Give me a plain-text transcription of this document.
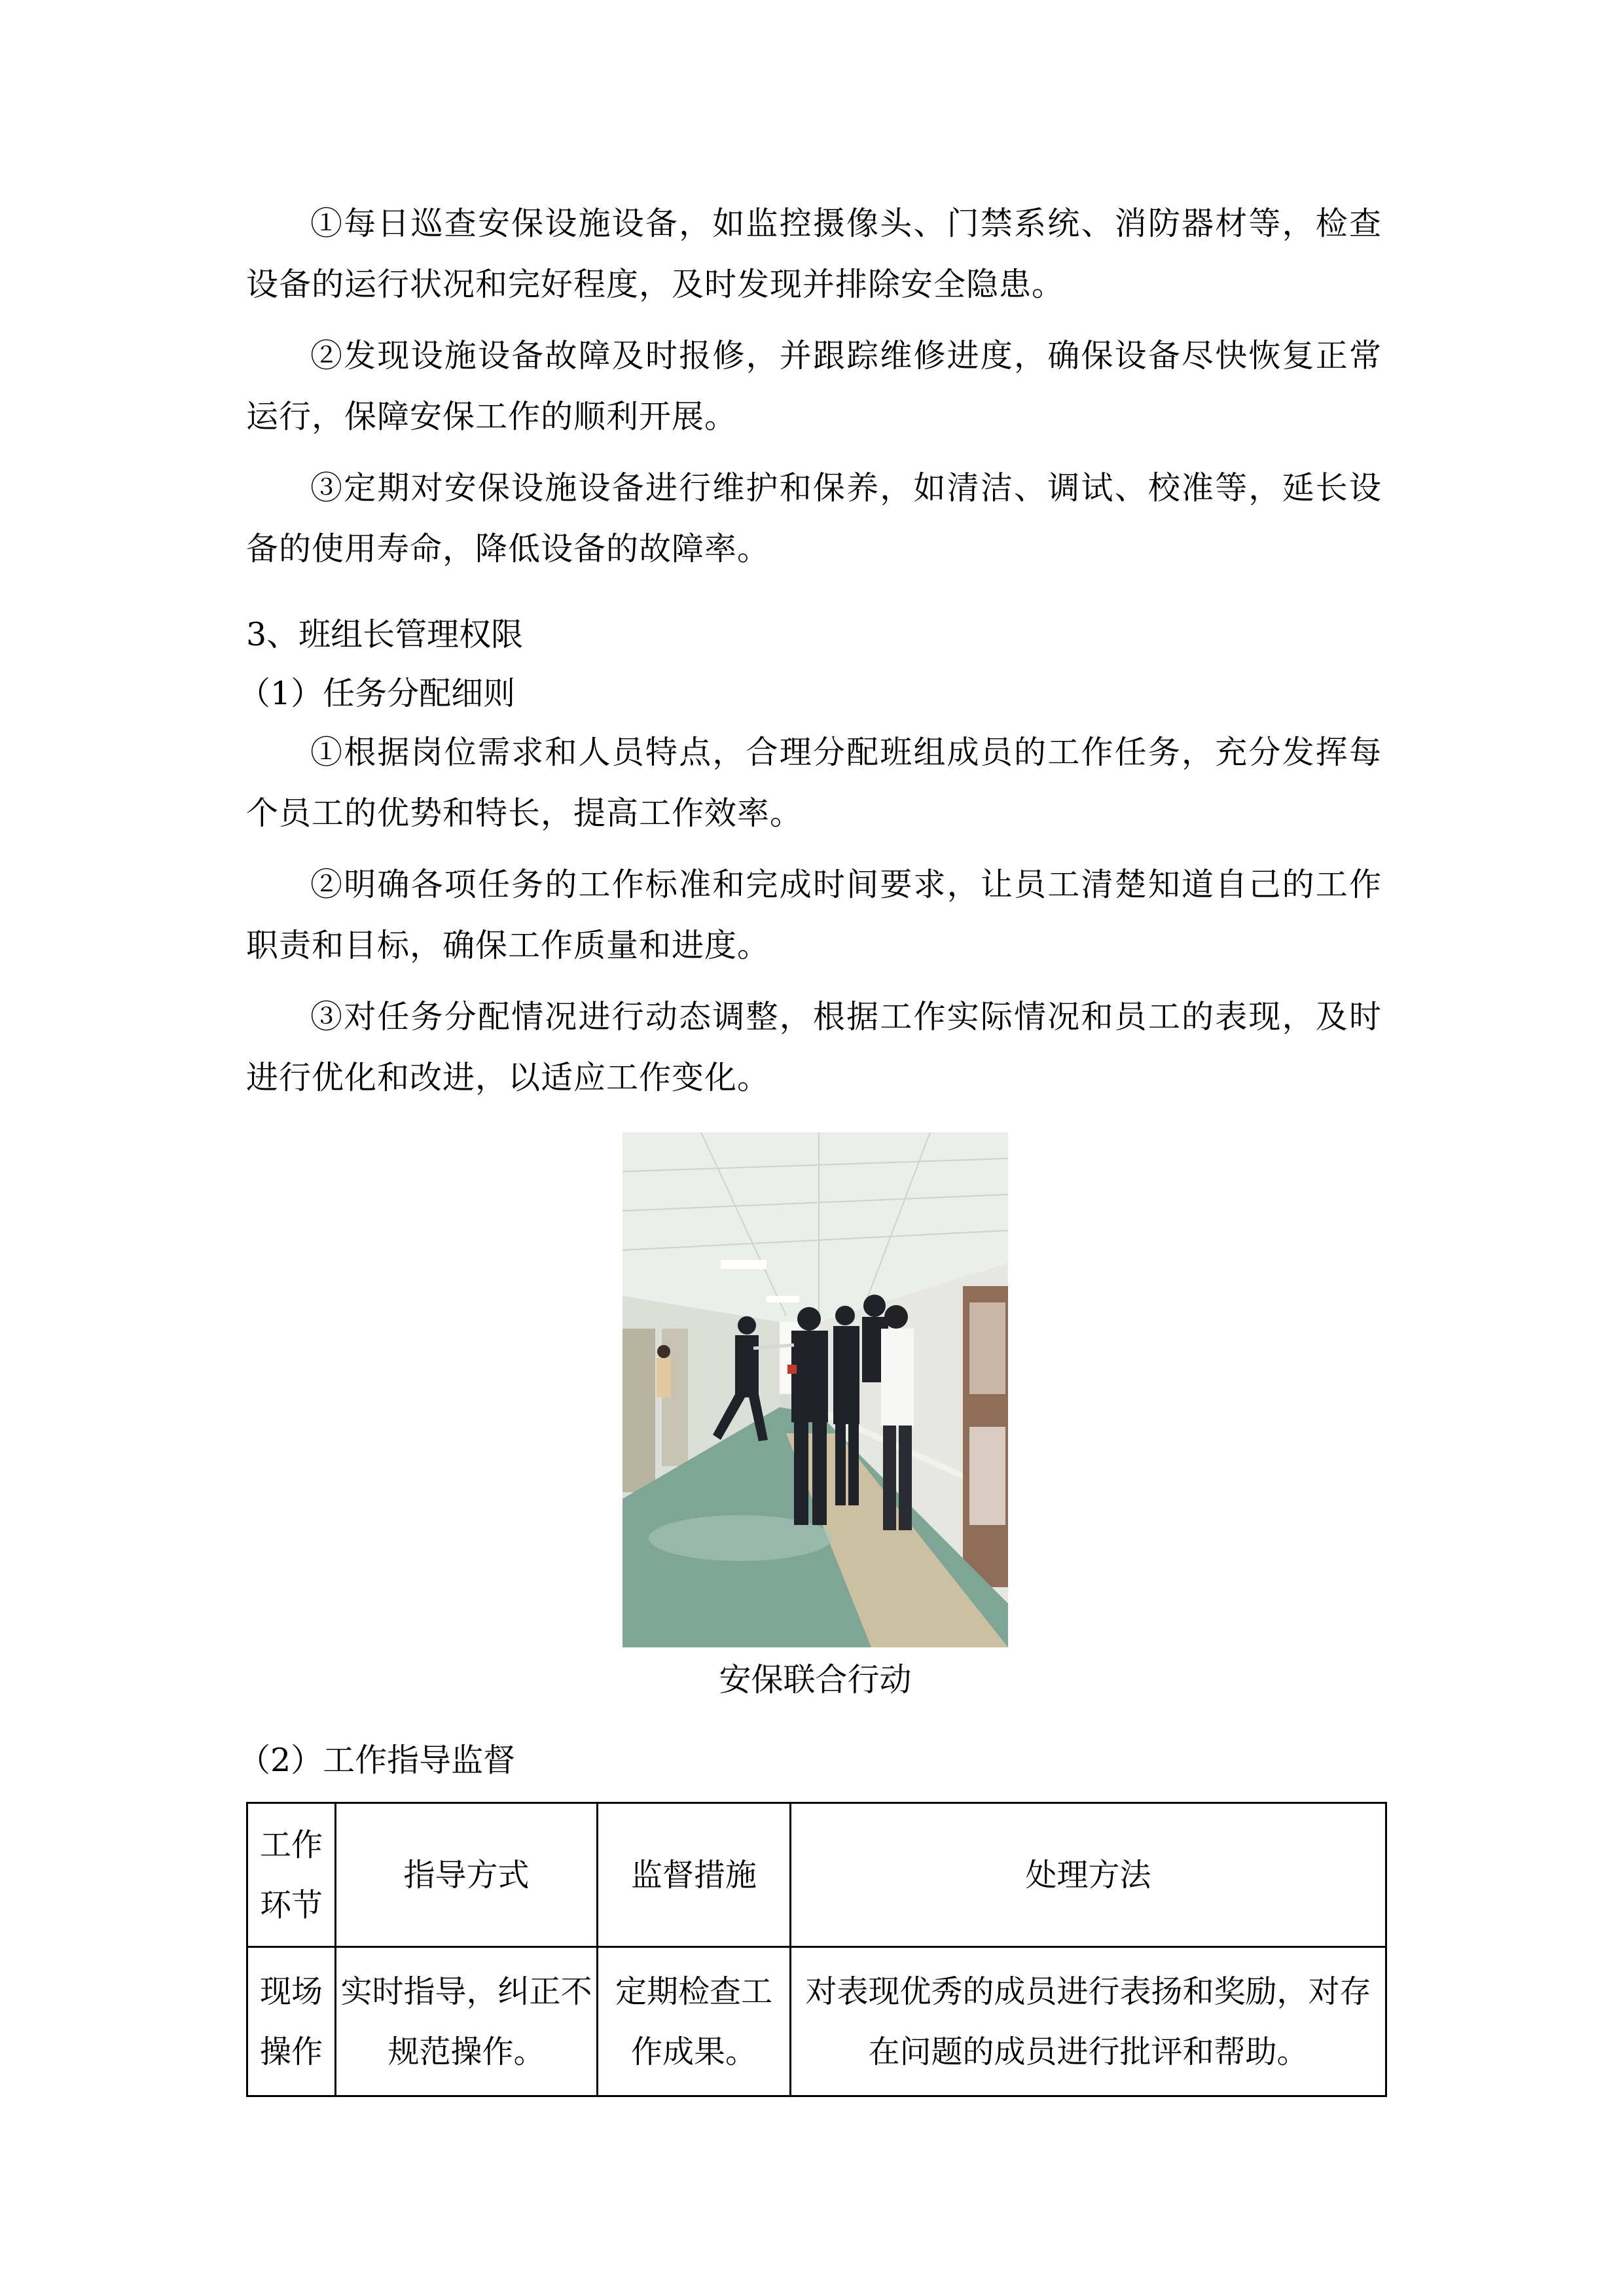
①每日巡查安保设施设备，如监控摄像头、门禁系统、消防器材等，检查设备的运行状况和完好程度，及时发现并排除安全隐患。

②发现设施设备故障及时报修，并跟踪维修进度，确保设备尽快恢复正常运行，保障安保工作的顺利开展。

③定期对安保设施设备进行维护和保养，如清洁、调试、校准等，延长设备的使用寿命，降低设备的故障率。

3、班组长管理权限
（1）任务分配细则

①根据岗位需求和人员特点，合理分配班组成员的工作任务，充分发挥每个员工的优势和特长，提高工作效率。

②明确各项任务的工作标准和完成时间要求，让员工清楚知道自己的工作职责和目标，确保工作质量和进度。

③对任务分配情况进行动态调整，根据工作实际情况和员工的表现，及时进行优化和改进，以适应工作变化。

安保联合行动

（2）工作指导监督
工作环节	指导方式	监督措施	处理方法
现场操作	实时指导，纠正不规范操作。	定期检查工作成果。	对表现优秀的成员进行表扬和奖励，对存在问题的成员进行批评和帮助。
